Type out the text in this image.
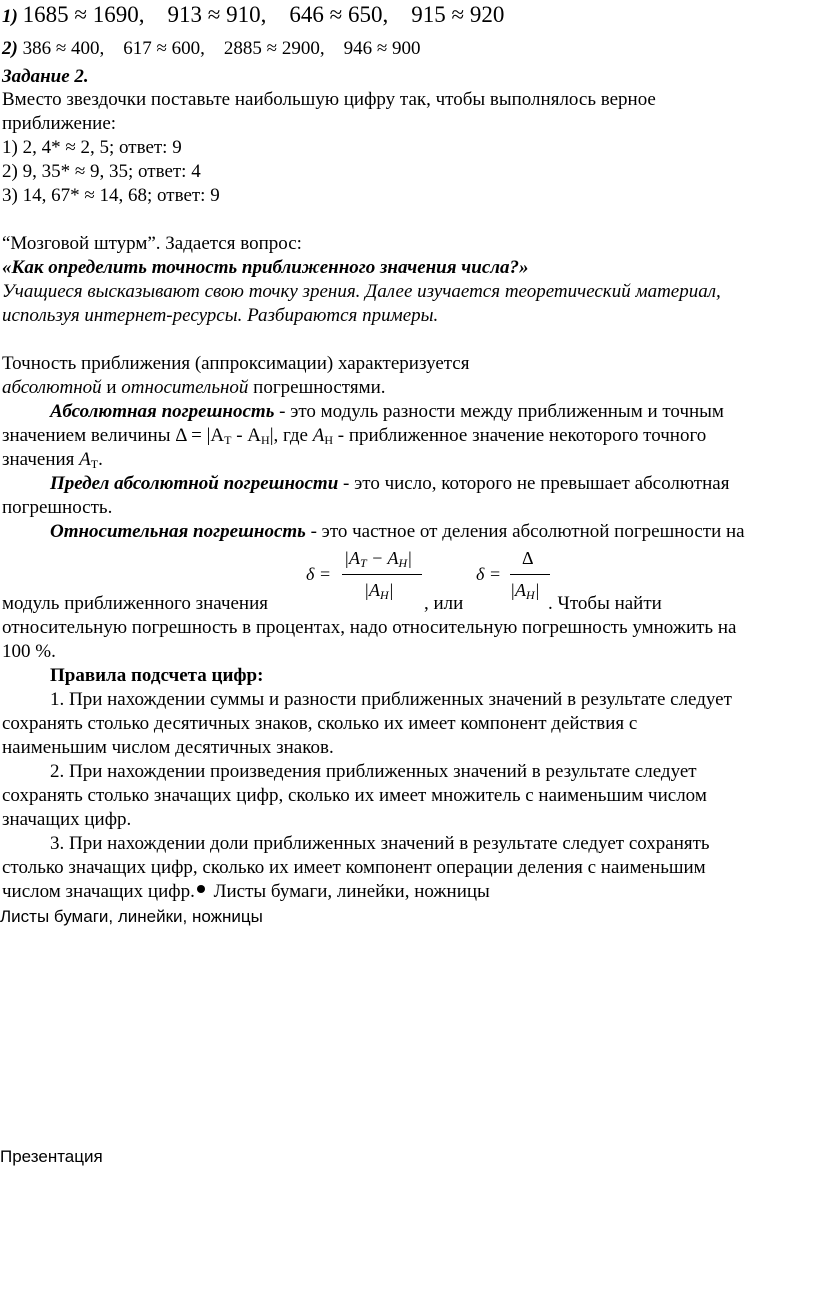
1) 1685 ≈ 1690,    913 ≈ 910,    646 ≈ 650,    915 ≈ 920
2) 386 ≈ 400,    617 ≈ 600,    2885 ≈ 2900,    946 ≈ 900
Задание 2.
Вместо звездочки поставьте наибольшую цифру так, чтобы выполнялось верное
приближение:
1) 2, 4* ≈ 2, 5; ответ: 9
2) 9, 35* ≈ 9, 35; ответ: 4
3) 14, 67* ≈ 14, 68; ответ: 9
“Мозговой штурм”. Задается вопрос:
«Как определить точность приближенного значения числа?»
Учащиеся высказывают свою точку зрения. Далее изучается теоретический материал,
используя интернет-ресурсы. Разбираются примеры.
Точность приближения (аппроксимации) характеризуется
абсолютной и относительной погрешностями.
Абсолютная погрешность - это модуль разности между приближенным и точным
значением величины $\Delta = |A_Т - A_Н|$, где $A_Н$ - приближенное значение некоторого точного
значения $A_Т$.
Предел абсолютной погрешности - это число, которого не превышает абсолютная
погрешность.
Относительная погрешность - это частное от деления абсолютной погрешности на
δ =
$|A_T - A_H|$
$|A_H|$
δ =
Δ
$|A_H|$
модуль приближенного значения	, или	. Чтобы найти
относительную погрешность в процентах, надо относительную погрешность умножить на
100 %.
Правила подсчета цифр:
1. При нахождении суммы и разности приближенных значений в результате следует
сохранять столько десятичных знаков, сколько их имеет компонент действия с
наименьшим числом десятичных знаков.
2. При нахождении произведения приближенных значений в результате следует
сохранять столько значащих цифр, сколько их имеет множитель с наименьшим числом
значащих цифр.
3. При нахождении доли приближенных значений в результате следует сохранять
столько значащих цифр, сколько их имеет компонент операции деления с наименьшим
числом значащих цифр. Листы бумаги, линейки, ножницы
Листы бумаги, линейки, ножницы
Презентация
